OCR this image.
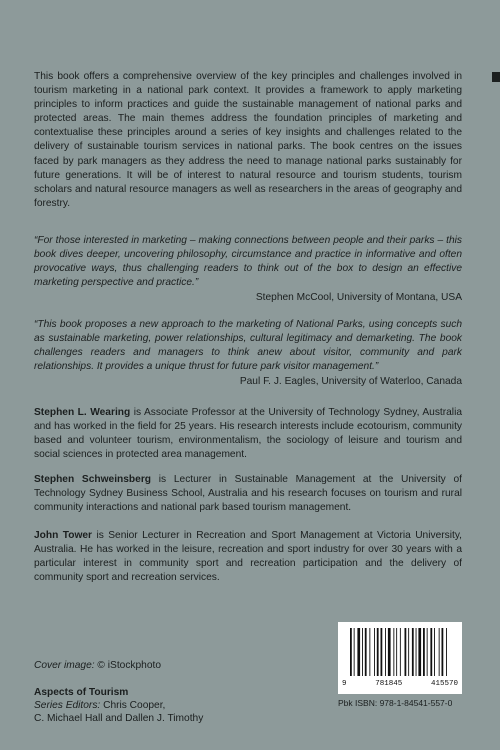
This book offers a comprehensive overview of the key principles and challenges involved in tourism marketing in a national park context. It provides a framework to apply marketing principles to inform practices and guide the sustainable management of national parks and protected areas. The main themes address the foundation principles of marketing and contextualise these principles around a series of key insights and challenges related to the delivery of sustainable tourism services in national parks. The book centres on the issues faced by park managers as they address the need to manage national parks sustainably for future generations. It will be of interest to natural resource and tourism students, tourism scholars and natural resource managers as well as researchers in the areas of geography and forestry.

“For those interested in marketing – making connections between people and their parks – this book dives deeper, uncovering philosophy, circumstance and practice in informative and often provocative ways, thus challenging readers to think out of the box to design an effective marketing perspective and practice.”
Stephen McCool, University of Montana, USA
“This book proposes a new approach to the marketing of National Parks, using concepts such as sustainable marketing, power relationships, cultural legitimacy and demarketing. The book challenges readers and managers to think anew about visitor, community and park relationships. It provides a unique thrust for future park visitor management.”
Paul F. J. Eagles, University of Waterloo, Canada
Stephen L. Wearing is Associate Professor at the University of Technology Sydney, Australia and has worked in the field for 25 years. His research interests include ecotourism, community based and volunteer tourism, environmentalism, the sociology of leisure and tourism and social sciences in protected area management.
Stephen Schweinsberg is Lecturer in Sustainable Management at the University of Technology Sydney Business School, Australia and his research focuses on tourism and rural community interactions and national park based tourism management.
John Tower is Senior Lecturer in Recreation and Sport Management at Victoria University, Australia. He has worked in the leisure, recreation and sport industry for over 30 years with a particular interest in community sport and recreation participation and the delivery of community sport and recreation services.
Cover image: © iStockphoto
Aspects of Tourism
Series Editors: Chris Cooper,
C. Michael Hall and Dallen J. Timothy
9	781845	415570
Pbk ISBN: 978-1-84541-557-0
